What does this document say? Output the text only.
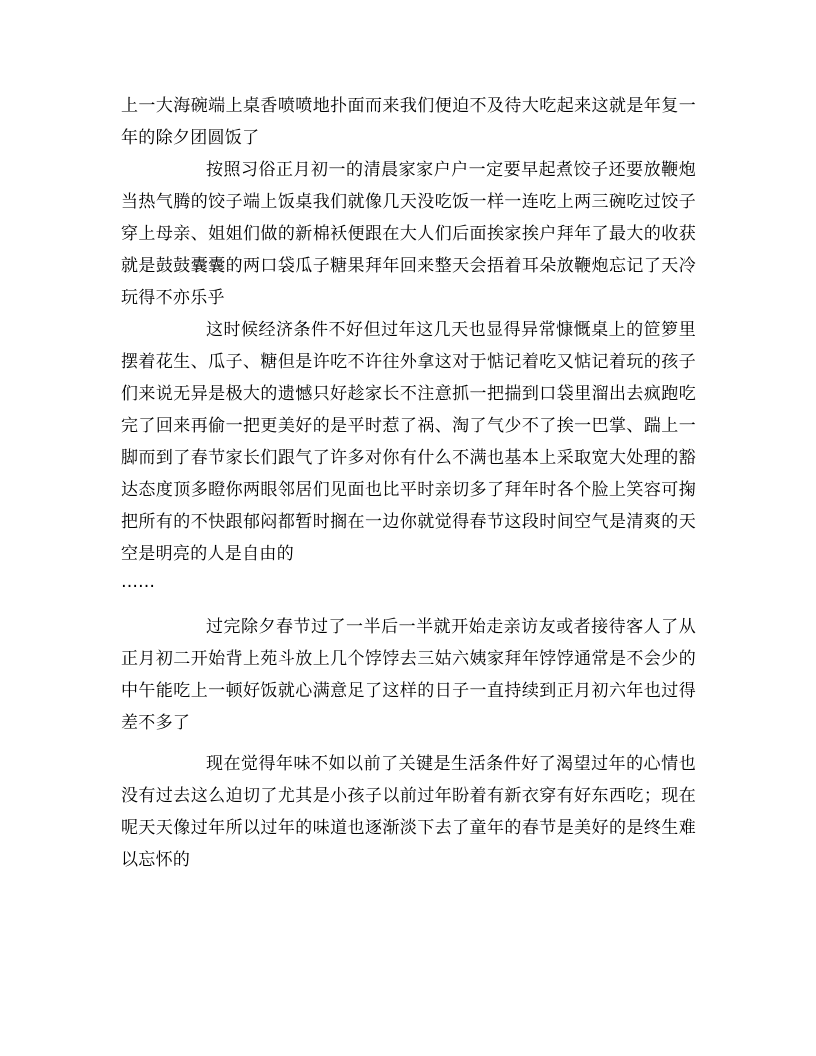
上一大海碗端上桌香喷喷地扑面而来我们便迫不及待大吃起来这就是年复一年的除夕团圆饭了

按照习俗正月初一的清晨家家户户一定要早起煮饺子还要放鞭炮当热气腾的饺子端上饭桌我们就像几天没吃饭一样一连吃上两三碗吃过饺子穿上母亲、姐姐们做的新棉袄便跟在大人们后面挨家挨户拜年了最大的收获就是鼓鼓囊囊的两口袋瓜子糖果拜年回来整天会捂着耳朵放鞭炮忘记了天冷玩得不亦乐乎

这时候经济条件不好但过年这几天也显得异常慷慨桌上的笸箩里摆着花生、瓜子、糖但是许吃不许往外拿这对于惦记着吃又惦记着玩的孩子们来说无异是极大的遗憾只好趁家长不注意抓一把揣到口袋里溜出去疯跑吃完了回来再偷一把更美好的是平时惹了祸、淘了气少不了挨一巴掌、踹上一脚而到了春节家长们跟气了许多对你有什么不满也基本上采取宽大处理的豁达态度顶多瞪你两眼邻居们见面也比平时亲切多了拜年时各个脸上笑容可掬把所有的不快跟郁闷都暂时搁在一边你就觉得春节这段时间空气是清爽的天空是明亮的人是自由的

……

过完除夕春节过了一半后一半就开始走亲访友或者接待客人了从正月初二开始背上苑斗放上几个饽饽去三姑六姨家拜年饽饽通常是不会少的中午能吃上一顿好饭就心满意足了这样的日子一直持续到正月初六年也过得差不多了

现在觉得年味不如以前了关键是生活条件好了渴望过年的心情也没有过去这么迫切了尤其是小孩子以前过年盼着有新衣穿有好东西吃；现在呢天天像过年所以过年的味道也逐渐淡下去了童年的春节是美好的是终生难以忘怀的
